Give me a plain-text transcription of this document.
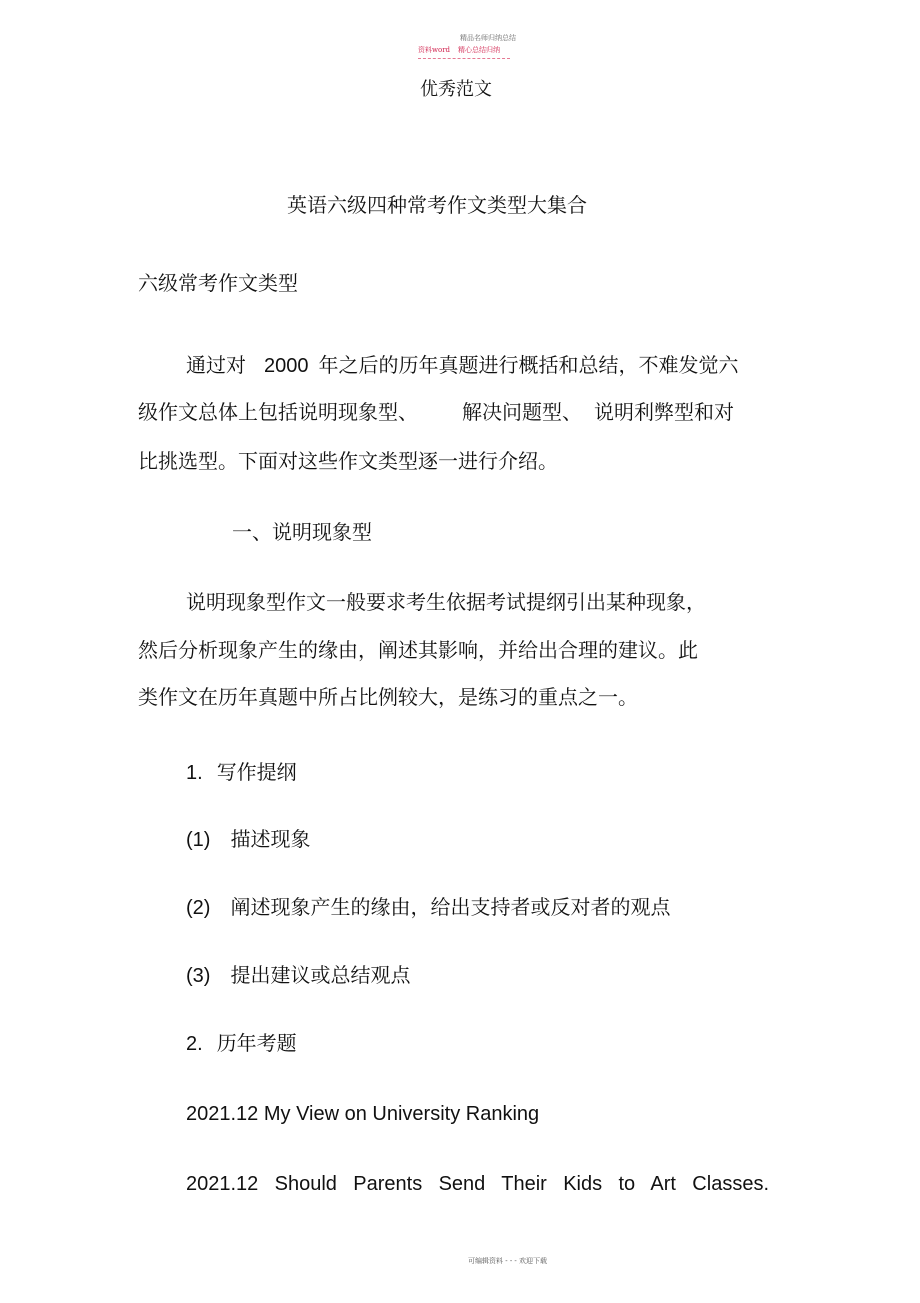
精品名师归纳总结
资料word 精心总结归纳
优秀范文
英语六级四种常考作文类型大集合
六级常考作文类型
通过对 2000 年之后的历年真题进行概括和总结，不难发觉六
级作文总体上包括说明现象型、 解决问题型、 说明利弊型和对
比挑选型。下面对这些作文类型逐一进行介绍。
一、说明现象型
说明现象型作文一般要求考生依据考试提纲引出某种现象，
然后分析现象产生的缘由，阐述其影响，并给出合理的建议。此
类作文在历年真题中所占比例较大，是练习的重点之一。
1. 写作提纲
(1) 描述现象
(2) 阐述现象产生的缘由，给出支持者或反对者的观点
(3) 提出建议或总结观点
2. 历年考题
2021.12 My View on University Ranking
2021.12 Should Parents Send Their Kids to Art Classes.
可编辑资料 - - - 欢迎下载
